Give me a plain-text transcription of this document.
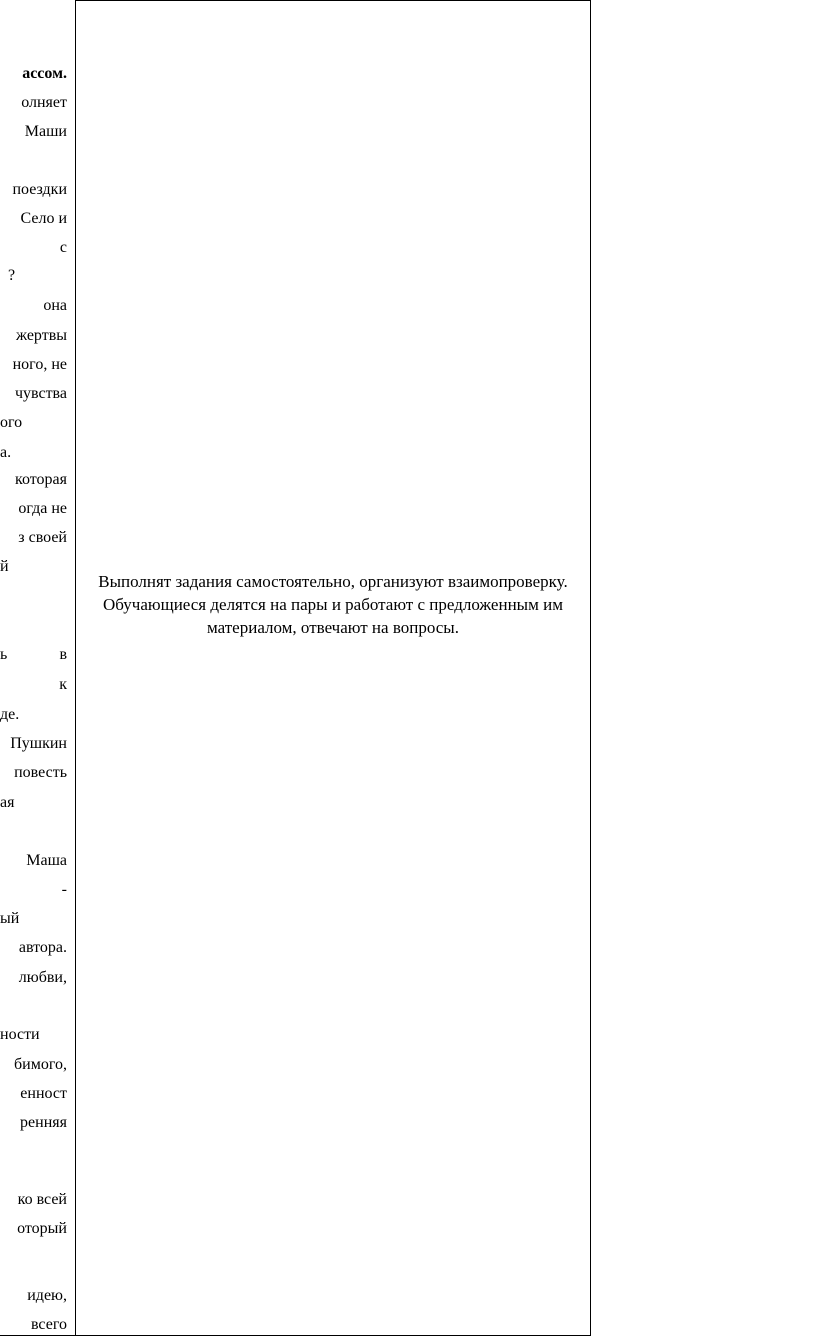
ассом.
олняет
Маши
поездки
Село и
с
?
она
жертвы
ного, не
чувства
ого
а.
которая
огда не
з своей
й
ь	в
к
де.
Пушкин
повесть
ая
Маша
-
ый
автора.
любви,
ности
бимого,
енност
ренняя
ко всей
оторый
идею,
всего

Выполнят задания самостоятельно, организуют взаимопроверку.

Обучающиеся делятся на пары и работают с предложенным им материалом, отвечают на вопросы.
